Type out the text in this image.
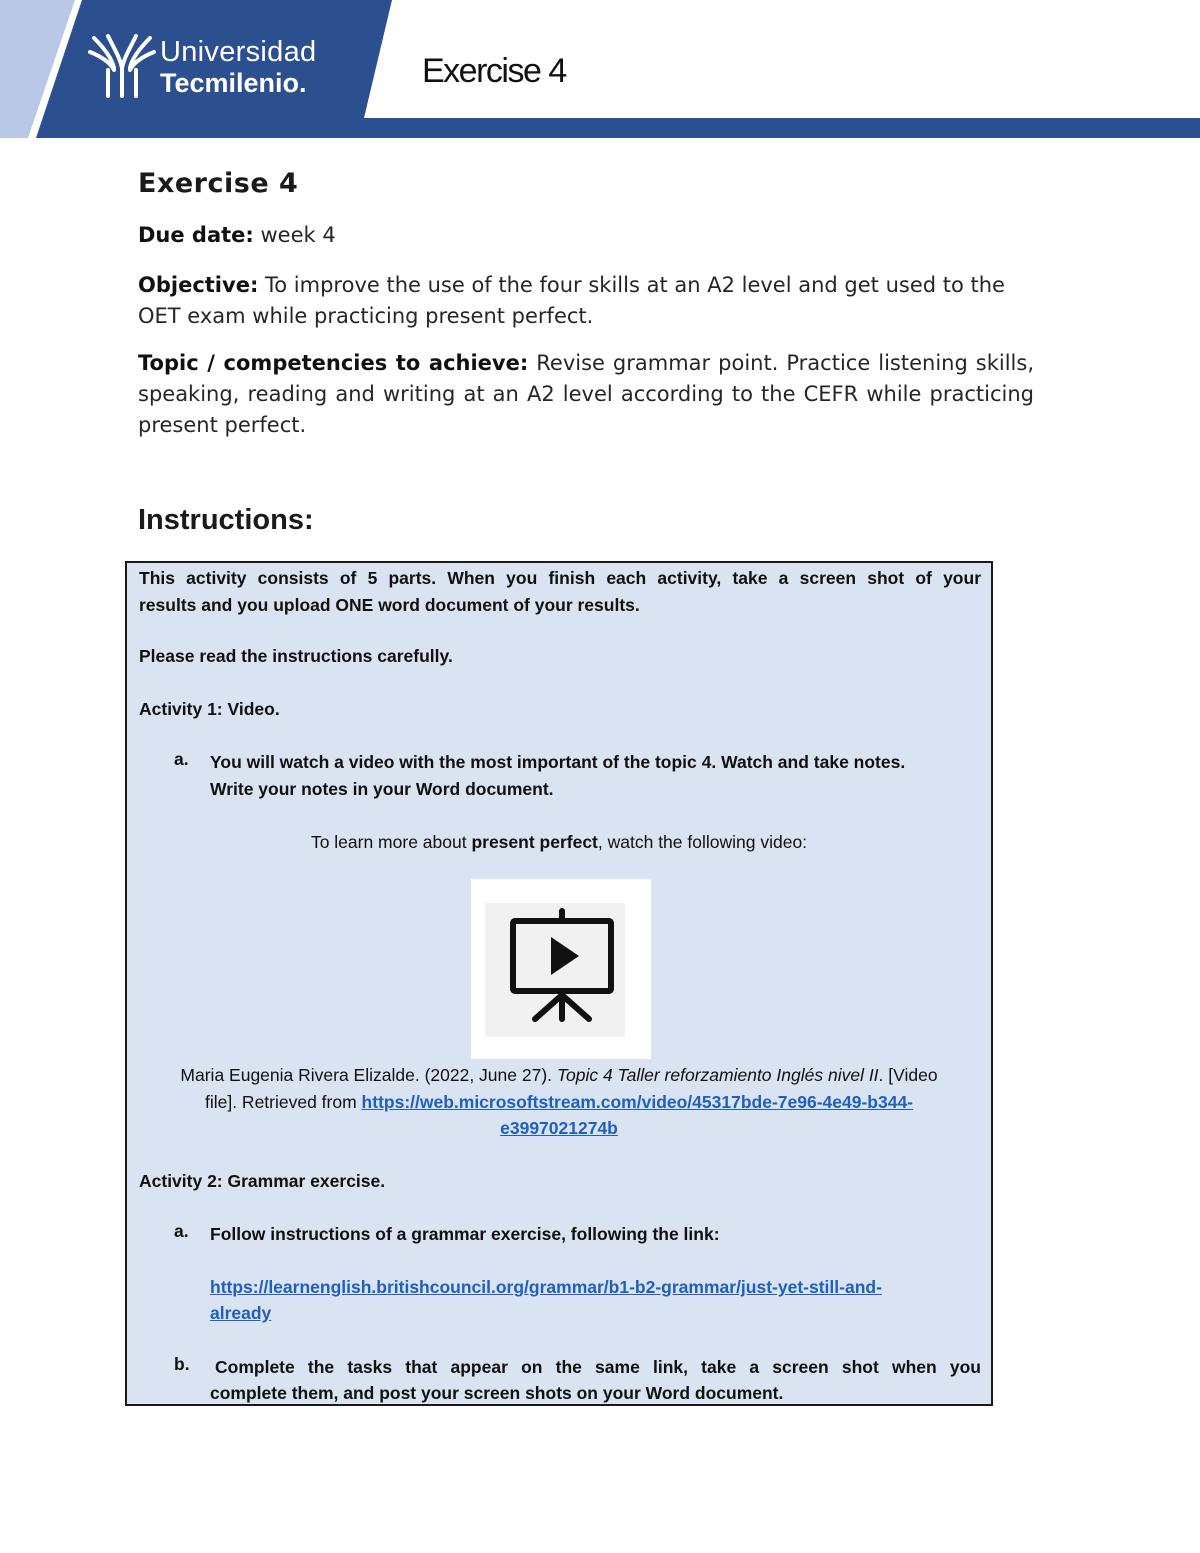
Universidad
Tecmilenio.	Exercise 4
Exercise 4
Due date: week 4
Objective: To improve the use of the four skills at an A2 level and get used to the OET exam while practicing present perfect.
Topic / competencies to achieve: Revise grammar point. Practice listening skills, speaking, reading and writing at an A2 level according to the CEFR while practicing present perfect.
Instructions:
This activity consists of 5 parts. When you finish each activity, take a screen shot of your
results and you upload ONE word document of your results.
Please read the instructions carefully.
Activity 1: Video.
a. You will watch a video with the most important of the topic 4. Watch and take notes.
Write your notes in your Word document.
To learn more about present perfect, watch the following video:
Maria Eugenia Rivera Elizalde. (2022, June 27). Topic 4 Taller reforzamiento Inglés nivel II. [Video
file]. Retrieved from https://web.microsoftstream.com/video/45317bde-7e96-4e49-b344-
e3997021274b
Activity 2: Grammar exercise.
a. Follow instructions of a grammar exercise, following the link:
https://learnenglish.britishcouncil.org/grammar/b1-b2-grammar/just-yet-still-and-
already
b. Complete the tasks that appear on the same link, take a screen shot when you
complete them, and post your screen shots on your Word document.
